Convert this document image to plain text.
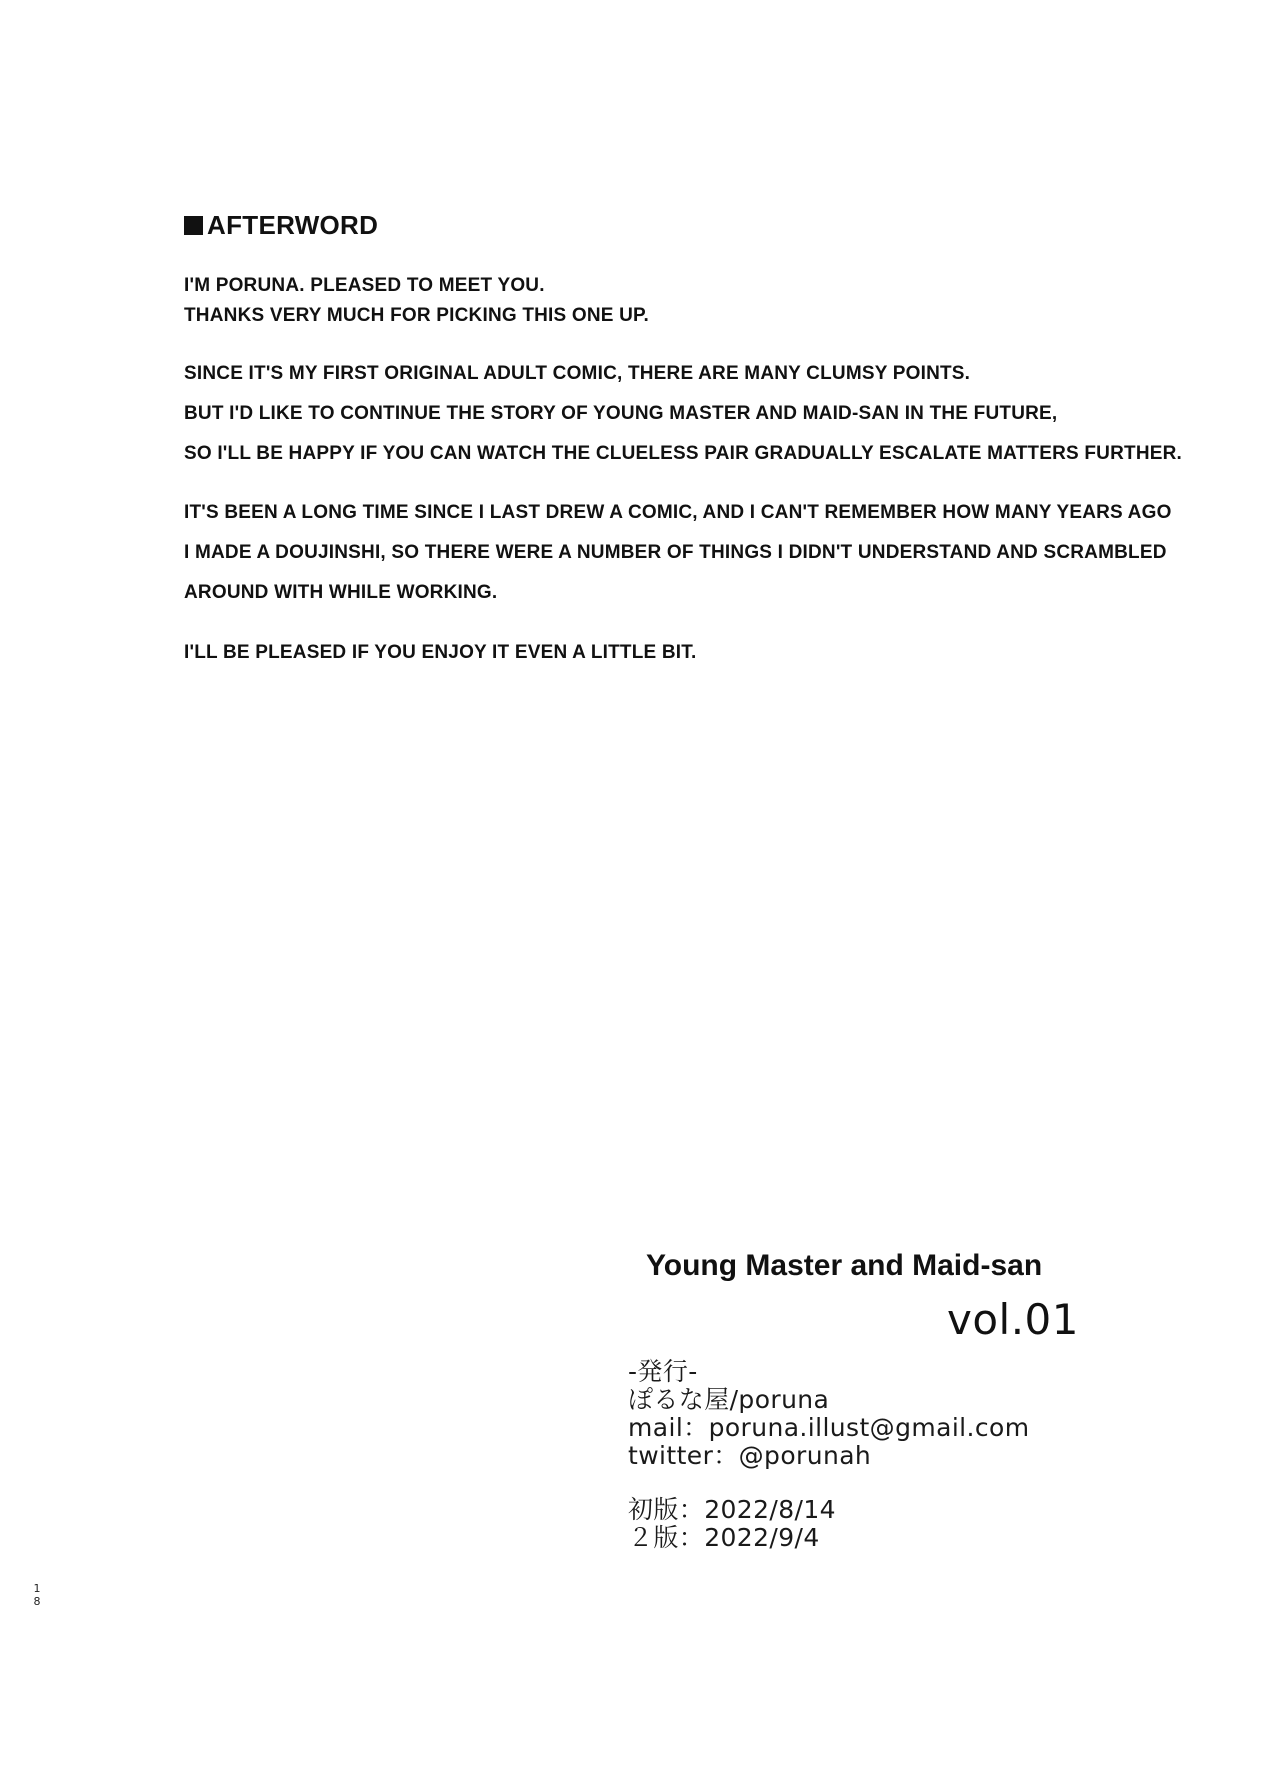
AFTERWORD
I'M PORUNA. PLEASED TO MEET YOU.
THANKS VERY MUCH FOR PICKING THIS ONE UP.
SINCE IT'S MY FIRST ORIGINAL ADULT COMIC, THERE ARE MANY CLUMSY POINTS.
BUT I'D LIKE TO CONTINUE THE STORY OF YOUNG MASTER AND MAID-SAN IN THE FUTURE,
SO I'LL BE HAPPY IF YOU CAN WATCH THE CLUELESS PAIR GRADUALLY ESCALATE MATTERS FURTHER.
IT'S BEEN A LONG TIME SINCE I LAST DREW A COMIC, AND I CAN'T REMEMBER HOW MANY YEARS AGO
I MADE A DOUJINSHI, SO THERE WERE A NUMBER OF THINGS I DIDN'T UNDERSTAND AND SCRAMBLED
AROUND WITH WHILE WORKING.
I'LL BE PLEASED IF YOU ENJOY IT EVEN A LITTLE BIT.
Young Master and Maid-san
vol.01
-発行-
ぽるな屋/poruna
mail：poruna.illust@gmail.com
twitter：@porunah
初版：2022/8/14
２版：2022/9/4
1
8
